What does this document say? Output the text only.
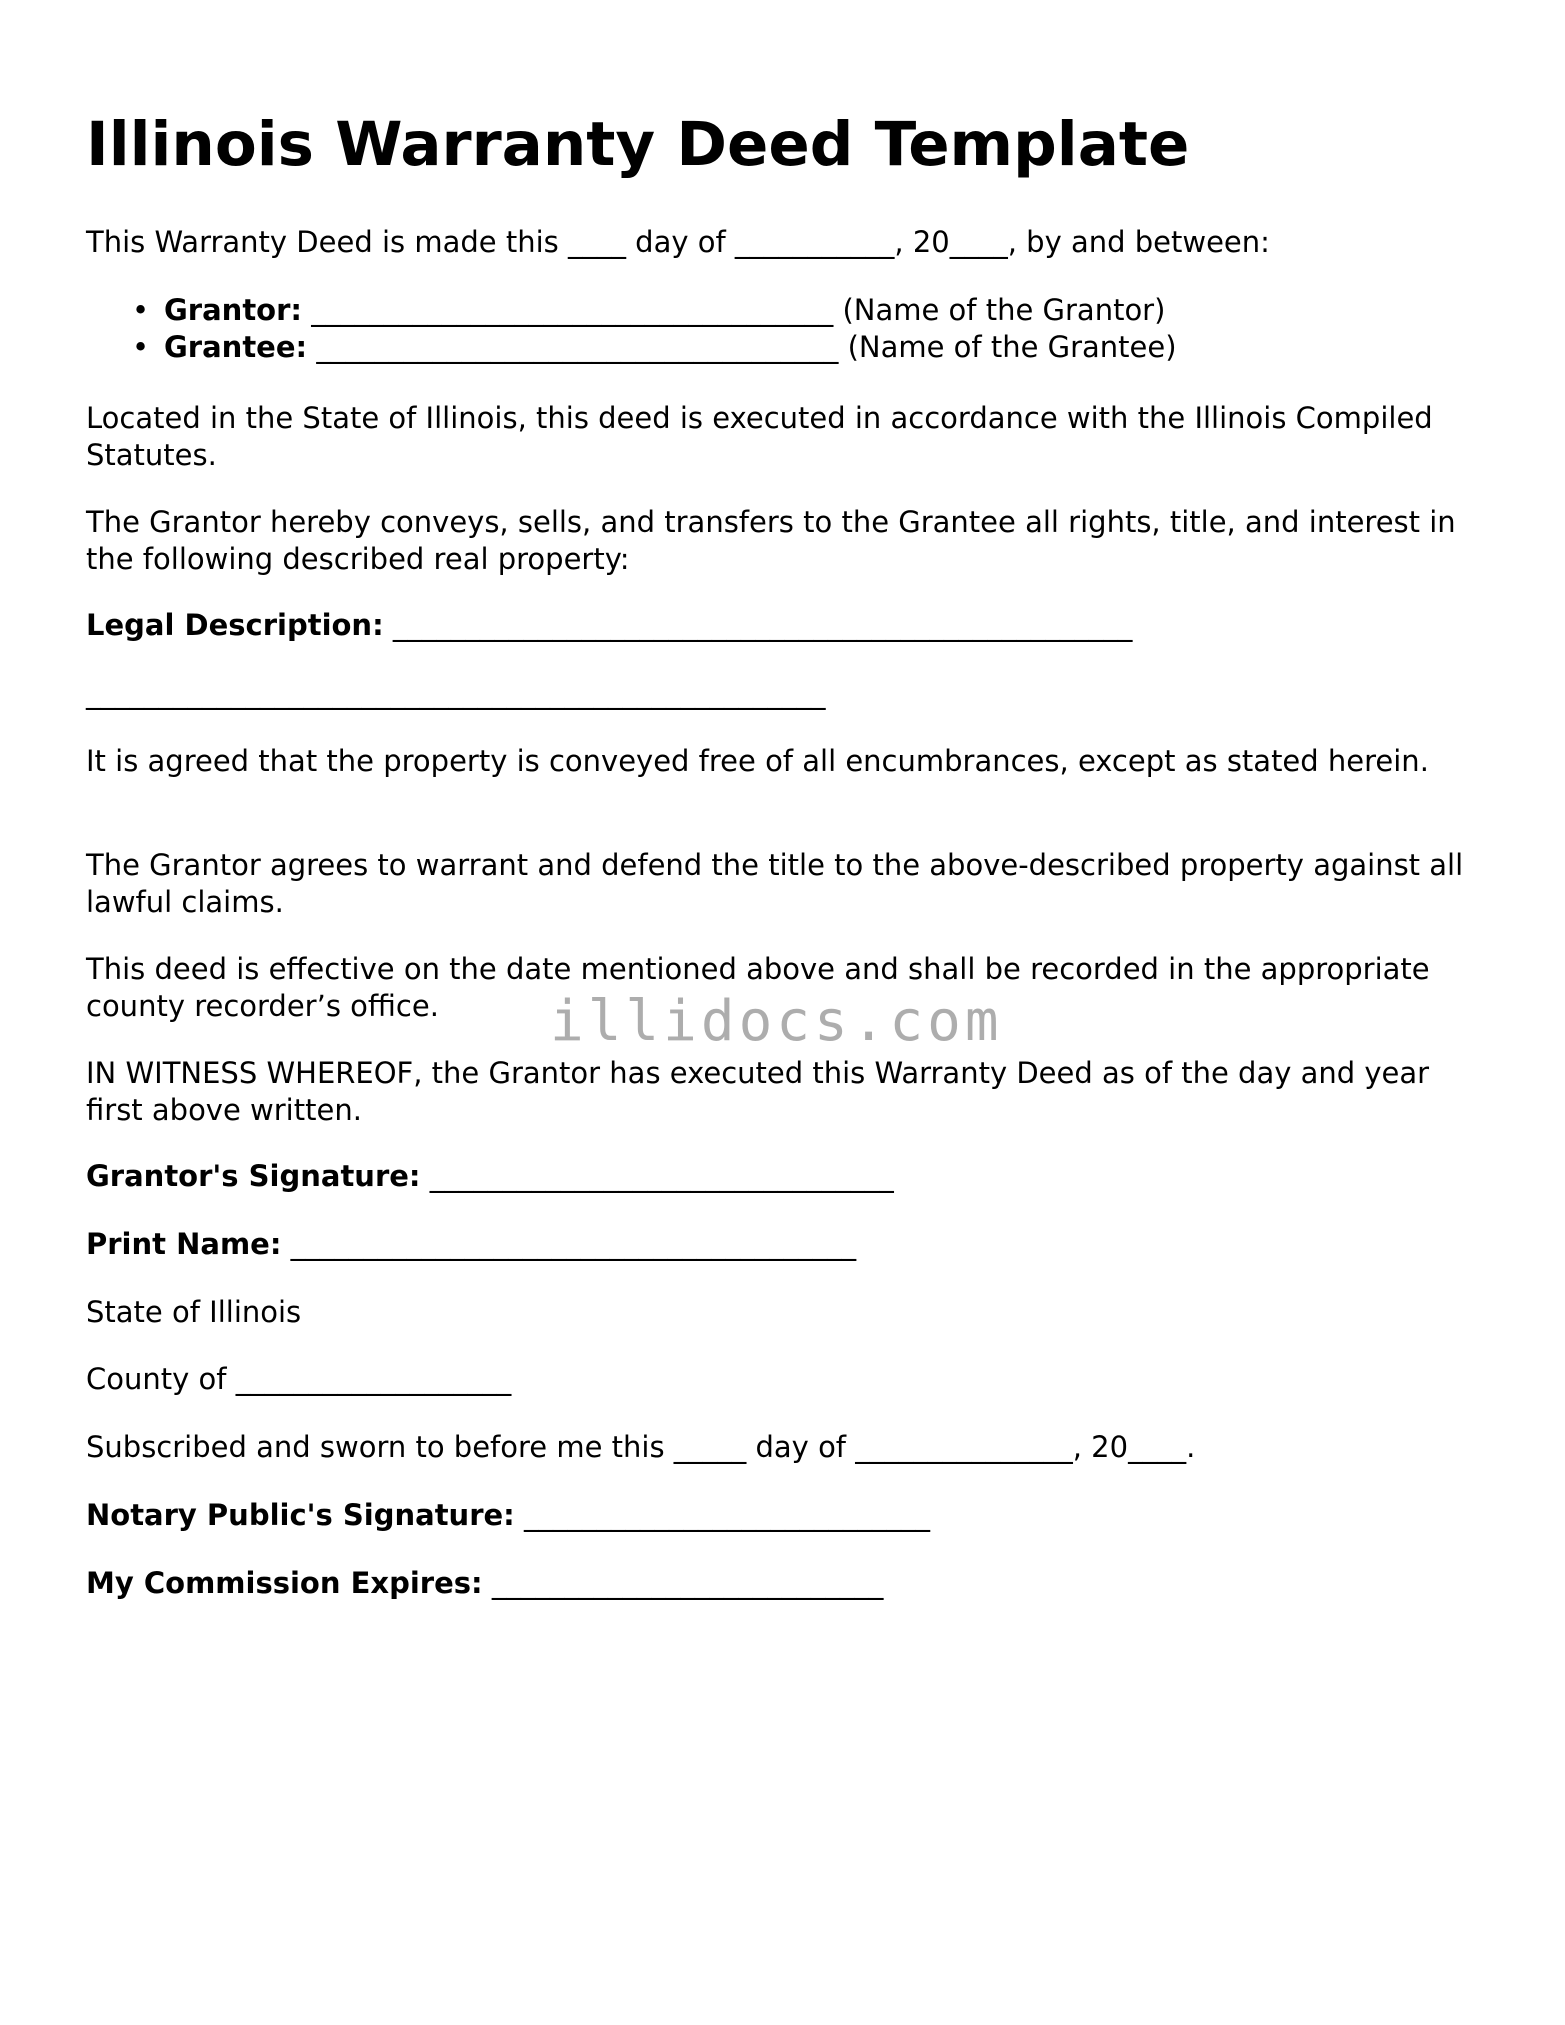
Illinois Warranty Deed Template

This Warranty Deed is made this ____ day of ___________, 20____, by and between:

• Grantor: ____________________________________ (Name of the Grantor)
• Grantee: ____________________________________ (Name of the Grantee)

Located in the State of Illinois, this deed is executed in accordance with the Illinois Compiled Statutes.

The Grantor hereby conveys, sells, and transfers to the Grantee all rights, title, and interest in the following described real property:

Legal Description: ___________________________________________________

___________________________________________________

It is agreed that the property is conveyed free of all encumbrances, except as stated herein.

The Grantor agrees to warrant and defend the title to the above-described property against all lawful claims.

This deed is effective on the date mentioned above and shall be recorded in the appropriate county recorder’s office.

IN WITNESS WHEREOF, the Grantor has executed this Warranty Deed as of the day and year first above written.

Grantor's Signature: ________________________________

Print Name: _______________________________________

State of Illinois

County of ___________________

Subscribed and sworn to before me this _____ day of _______________, 20____.

Notary Public's Signature: ____________________________

My Commission Expires: ___________________________

illidocs.com
